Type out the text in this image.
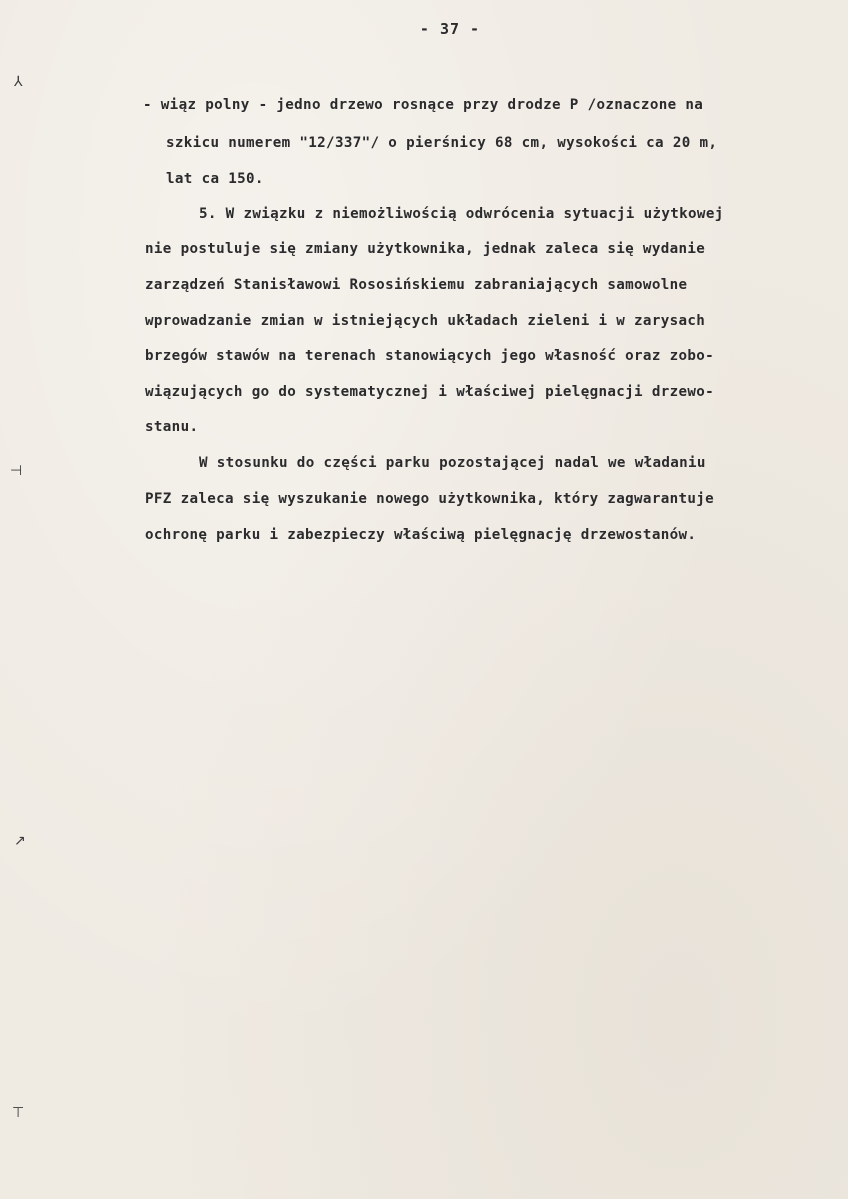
- 37 -
- wiąz polny - jedno drzewo rosnące przy drodze P /oznaczone na
szkicu numerem "12/337"/ o pierśnicy 68 cm, wysokości ca 20 m,
lat ca 150.
5. W związku z niemożliwością odwrócenia sytuacji użytkowej
nie postuluje się zmiany użytkownika, jednak zaleca się wydanie
zarządzeń Stanisławowi Rososińskiemu zabraniających samowolne
wprowadzanie zmian w istniejących układach zieleni i w zarysach
brzegów stawów na terenach stanowiących jego własność oraz zobo-
wiązujących go do systematycznej i właściwej pielęgnacji drzewo-
stanu.
W stosunku do części parku pozostającej nadal we władaniu
PFZ zaleca się wyszukanie nowego użytkownika, który zagwarantuje
ochronę parku i zabezpieczy właściwą pielęgnację drzewostanów.
⅄
⊣
↗
⊤
